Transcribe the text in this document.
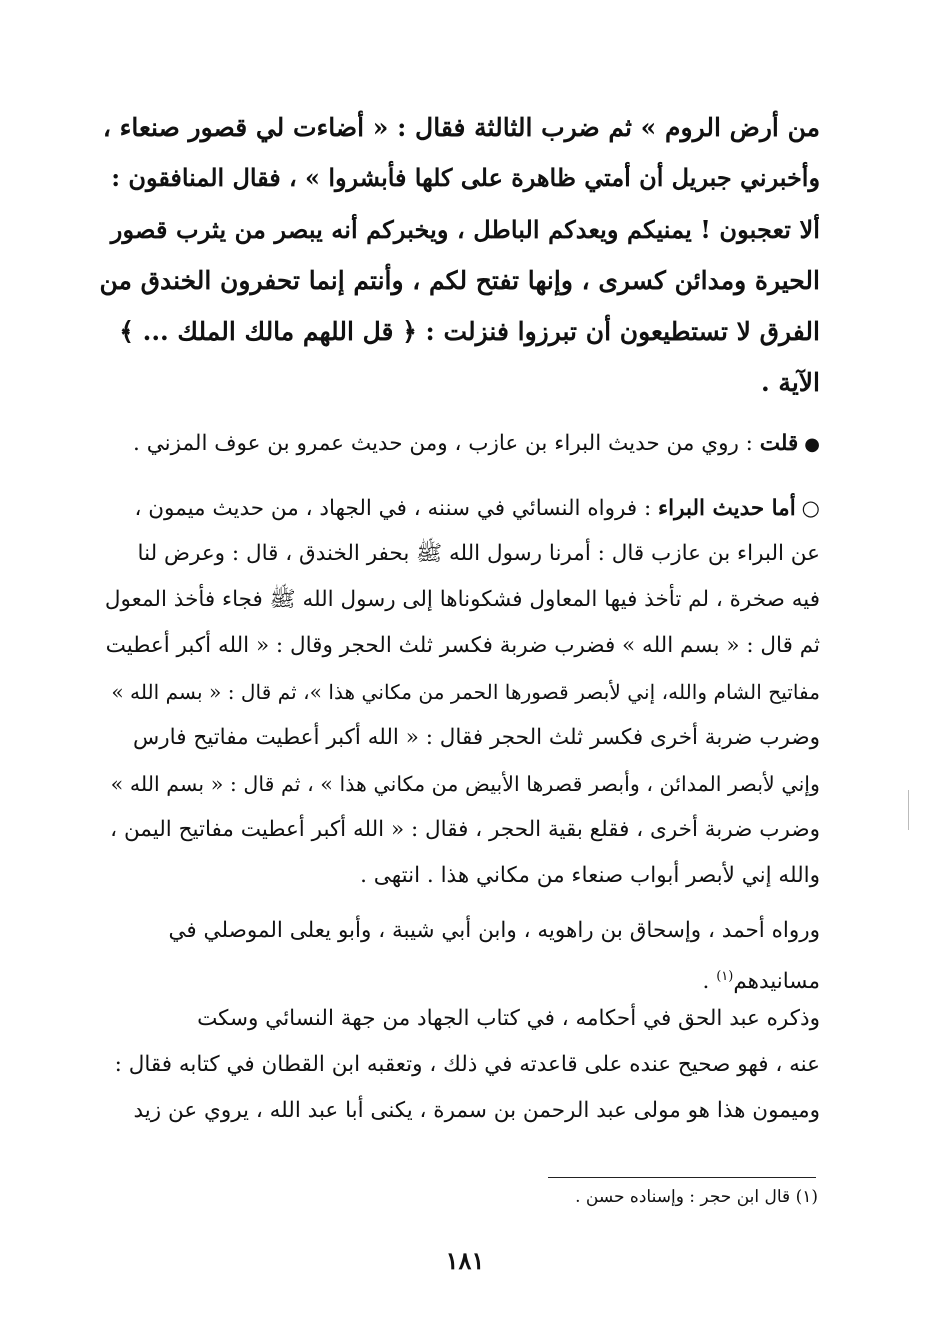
من أرض الروم » ثم ضرب الثالثة فقال : « أضاءت لي قصور صنعاء ،
وأخبرني جبريل أن أمتي ظاهرة على كلها فأبشروا » ، فقال المنافقون :
ألا تعجبون ! يمنيكم ويعدكم الباطل ، ويخبركم أنه يبصر من يثرب قصور
الحيرة ومدائن كسرى ، وإنها تفتح لكم ، وأنتم إنما تحفرون الخندق من
الفرق لا تستطيعون أن تبرزوا فنزلت : ﴿ قل اللهم مالك الملك ... ﴾
الآية .
●قلت : روي من حديث البراء بن عازب ، ومن حديث عمرو بن عوف المزني .
○أما حديث البراء : فرواه النسائي في سننه ، في الجهاد ، من حديث ميمون ،
عن البراء بن عازب قال : أمرنا رسول الله ﷺ بحفر الخندق ، قال : وعرض لنا
فيه صخرة ، لم تأخذ فيها المعاول فشكوناها إلى رسول الله ﷺ فجاء فأخذ المعول
ثم قال : « بسم الله » فضرب ضربة فكسر ثلث الحجر وقال : « الله أكبر أعطيت
مفاتيح الشام والله، إني لأبصر قصورها الحمر من مكاني هذا »، ثم قال : « بسم الله »
وضرب ضربة أخرى فكسر ثلث الحجر فقال : « الله أكبر أعطيت مفاتيح فارس
وإني لأبصر المدائن ، وأبصر قصرها الأبيض من مكاني هذا » ، ثم قال : « بسم الله »
وضرب ضربة أخرى ، فقلع بقية الحجر ، فقال : « الله أكبر أعطيت مفاتيح اليمن ،
والله إني لأبصر أبواب صنعاء من مكاني هذا . انتهى .
ورواه أحمد ، وإسحاق بن راهويه ، وابن أبي شيبة ، وأبو يعلى الموصلي في
مسانيدهم$^{(١)}$ .
وذكره عبد الحق في أحكامه ، في كتاب الجهاد من جهة النسائي وسكت
عنه ، فهو صحيح عنده على قاعدته في ذلك ، وتعقبه ابن القطان في كتابه فقال :
وميمون هذا هو مولى عبد الرحمن بن سمرة ، يكنى أبا عبد الله ، يروي عن زيد
(١) قال ابن حجر : وإسناده حسن .
١٨١
